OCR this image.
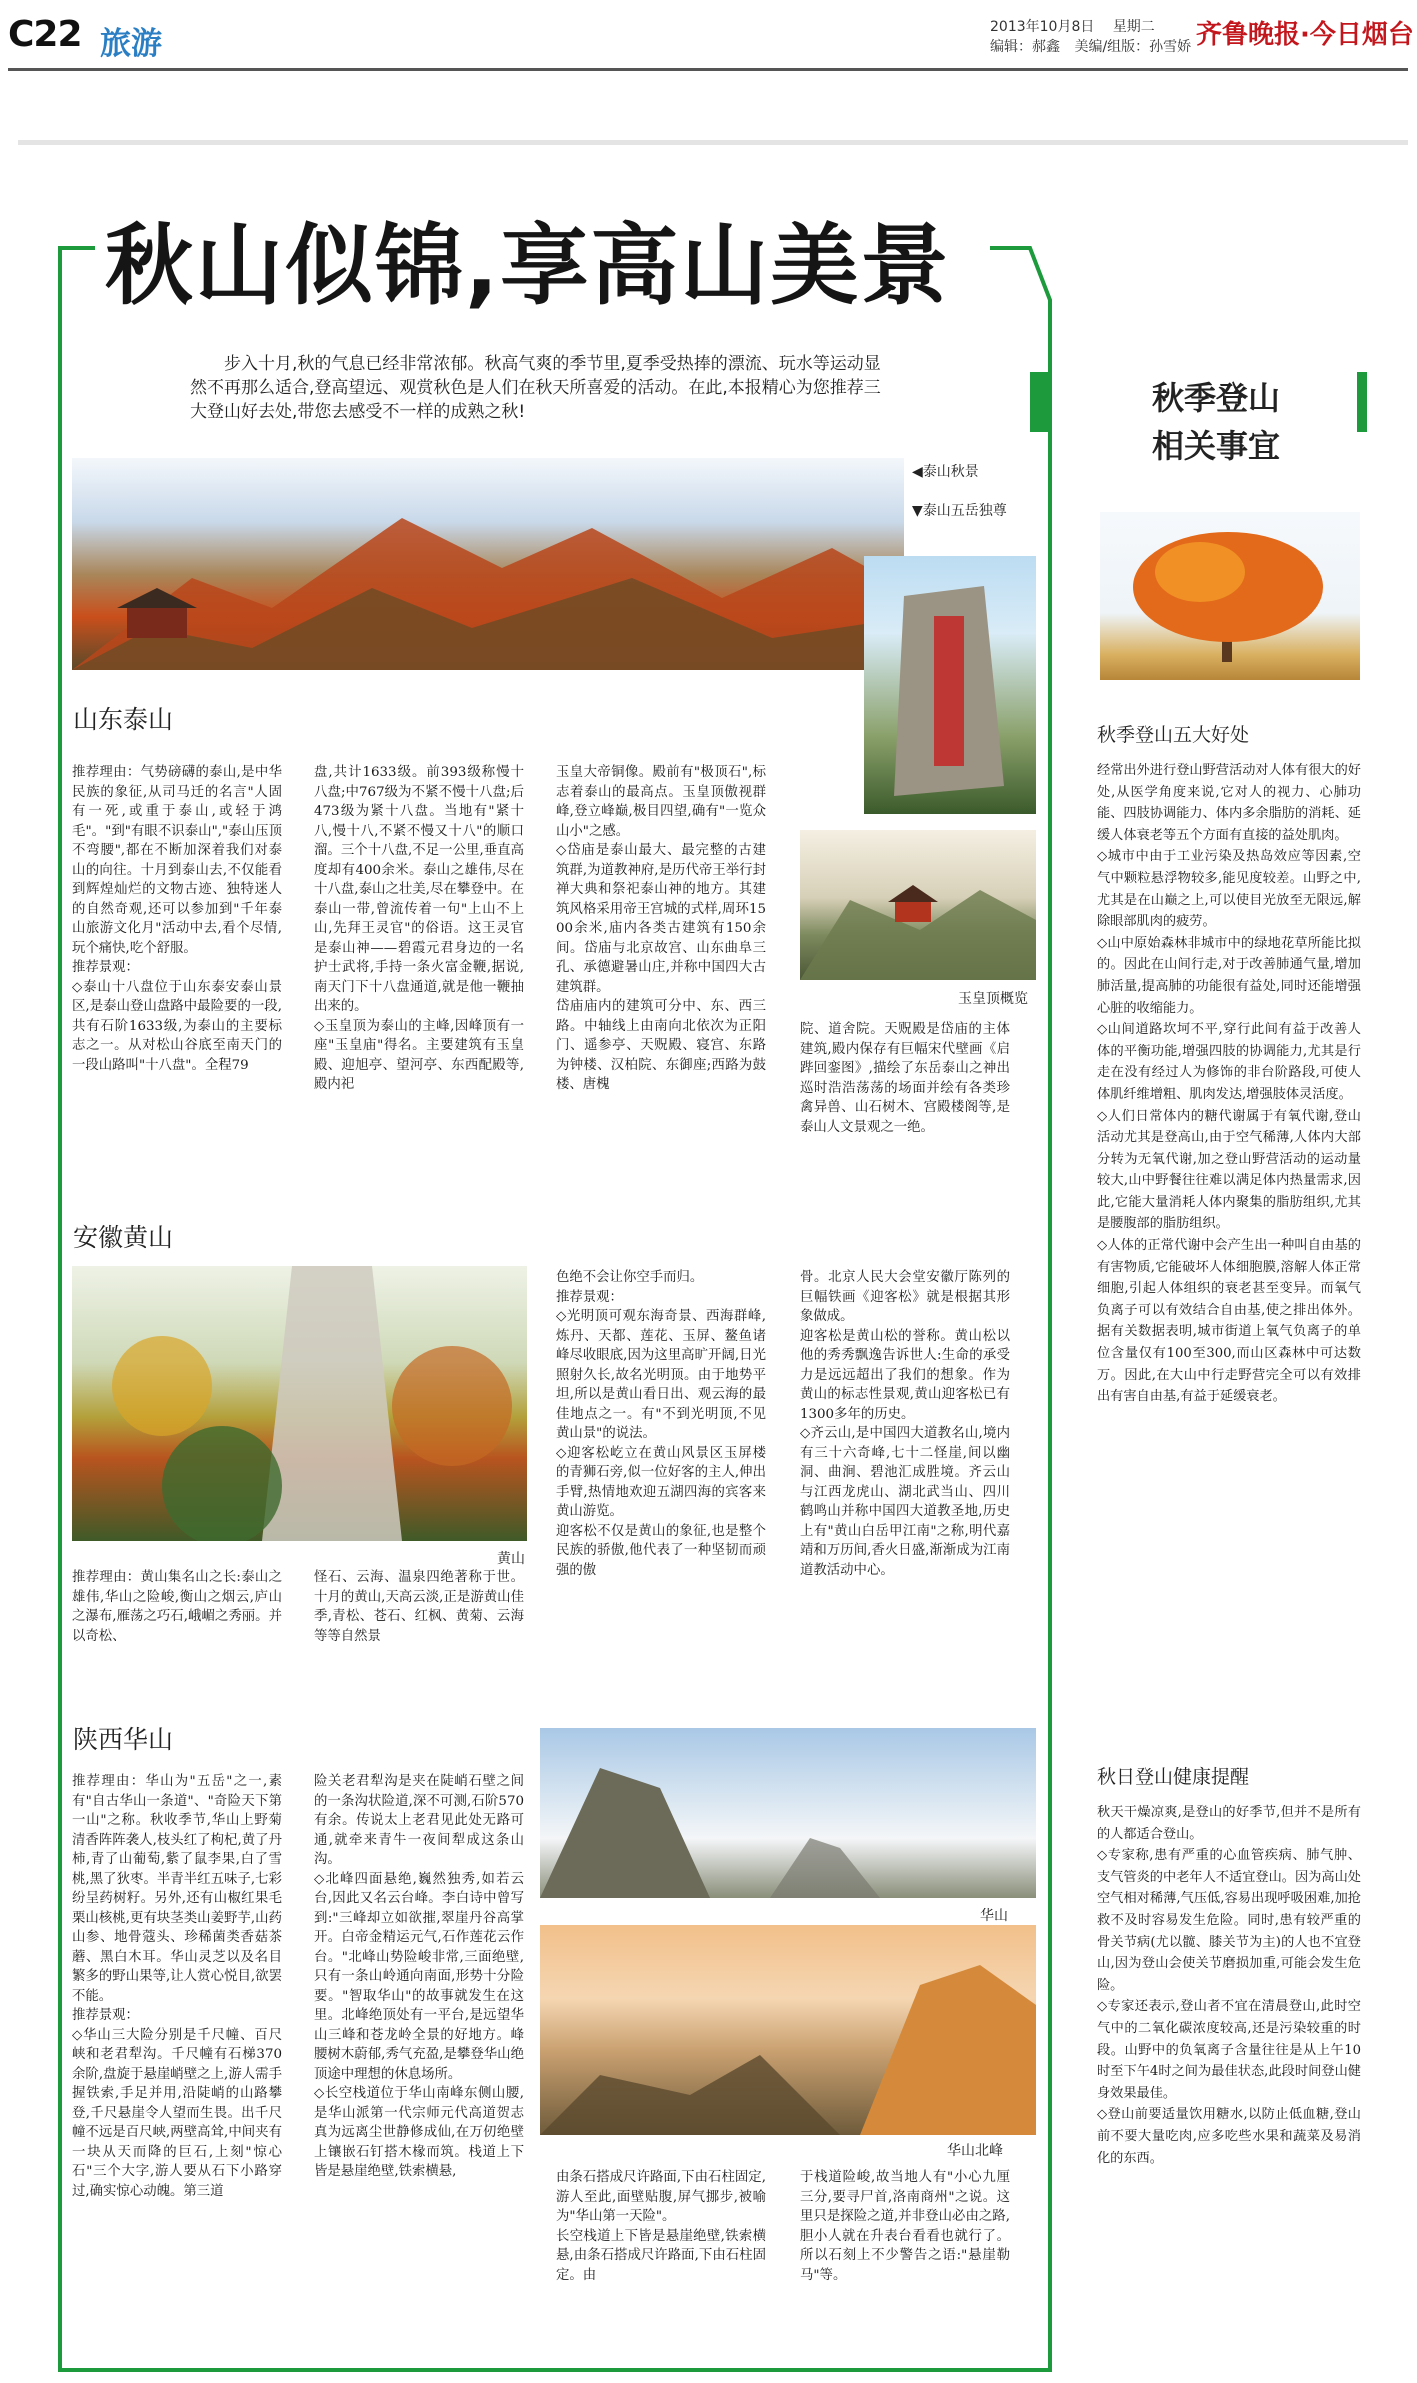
C22 旅游	2013年10月8日 星期二
编辑：郝鑫 美编/组版：孙雪娇 齐鲁晚报·今日烟台
秋山似锦,享高山美景
步入十月,秋的气息已经非常浓郁。秋高气爽的季节里,夏季受热捧的漂流、玩水等运动显然不再那么适合,登高望远、观赏秋色是人们在秋天所喜爱的活动。在此,本报精心为您推荐三大登山好去处,带您去感受不一样的成熟之秋!
◀泰山秋景
▼泰山五岳独尊
玉皇顶概览
山东泰山
推荐理由：气势磅礴的泰山,是中华民族的象征,从司马迁的名言"人固有一死,或重于泰山,或轻于鸿毛"。"到"有眼不识泰山","泰山压顶不弯腰",都在不断加深着我们对泰山的向往。十月到泰山去,不仅能看到辉煌灿烂的文物古迹、独特迷人的自然奇观,还可以参加到"千年泰山旅游文化月"活动中去,看个尽情,玩个痛快,吃个舒服。
推荐景观：
◇泰山十八盘位于山东泰安泰山景区,是泰山登山盘路中最险要的一段,共有石阶1633级,为泰山的主要标志之一。从对松山谷底至南天门的一段山路叫"十八盘"。全程79
盘,共计1633级。前393级称慢十八盘;中767级为不紧不慢十八盘;后473级为紧十八盘。当地有"紧十八,慢十八,不紧不慢又十八"的顺口溜。三个十八盘,不足一公里,垂直高度却有400余米。泰山之雄伟,尽在十八盘,泰山之壮美,尽在攀登中。在泰山一带,曾流传着一句"上山不上山,先拜王灵官"的俗语。这王灵官是泰山神——碧霞元君身边的一名护士武将,手持一条火富金鞭,据说,南天门下十八盘通道,就是他一鞭抽出来的。
◇玉皇顶为泰山的主峰,因峰顶有一座"玉皇庙"得名。主要建筑有玉皇殿、迎旭亭、望河亭、东西配殿等,殿内祀
玉皇大帝铜像。殿前有"极顶石",标志着泰山的最高点。玉皇顶傲视群峰,登立峰巅,极目四望,确有"一览众山小"之感。
◇岱庙是泰山最大、最完整的古建筑群,为道教神府,是历代帝王举行封禅大典和祭祀泰山神的地方。其建筑风格采用帝王宫城的式样,周环1500余米,庙内各类古建筑有150余间。岱庙与北京故宫、山东曲阜三孔、承德避暑山庄,并称中国四大古建筑群。
岱庙庙内的建筑可分中、东、西三路。中轴线上由南向北依次为正阳门、遥参亭、天贶殿、寝宫、东路为钟楼、汉柏院、东御座;西路为鼓楼、唐槐
院、道舍院。天贶殿是岱庙的主体建筑,殿内保存有巨幅宋代壁画《启跸回銮图》,描绘了东岳泰山之神出巡时浩浩荡荡的场面并绘有各类珍禽异兽、山石树木、宫殿楼阁等,是泰山人文景观之一绝。
安徽黄山
黄山
推荐理由：黄山集名山之长:泰山之雄伟,华山之险峻,衡山之烟云,庐山之瀑布,雁荡之巧石,峨嵋之秀丽。并以奇松、
怪石、云海、温泉四绝著称于世。十月的黄山,天高云淡,正是游黄山佳季,青松、苍石、红枫、黄菊、云海等等自然景
色绝不会让你空手而归。
推荐景观：
◇光明顶可观东海奇景、西海群峰,炼丹、天都、莲花、玉屏、鳌鱼诸峰尽收眼底,因为这里高旷开阔,日光照射久长,故名光明顶。由于地势平坦,所以是黄山看日出、观云海的最佳地点之一。有"不到光明顶,不见黄山景"的说法。
◇迎客松屹立在黄山风景区玉屏楼的青狮石旁,似一位好客的主人,伸出手臂,热情地欢迎五湖四海的宾客来黄山游览。
迎客松不仅是黄山的象征,也是整个民族的骄傲,他代表了一种坚韧而顽强的傲
骨。北京人民大会堂安徽厅陈列的巨幅铁画《迎客松》就是根据其形象做成。
迎客松是黄山松的誉称。黄山松以他的秀秀飘逸告诉世人:生命的承受力是远远超出了我们的想象。作为黄山的标志性景观,黄山迎客松已有1300多年的历史。
◇齐云山,是中国四大道教名山,境内有三十六奇峰,七十二怪崖,间以幽洞、曲涧、碧池汇成胜境。齐云山与江西龙虎山、湖北武当山、四川鹤鸣山并称中国四大道教圣地,历史上有"黄山白岳甲江南"之称,明代嘉靖和万历间,香火日盛,渐渐成为江南道教活动中心。
陕西华山
华山
华山北峰
推荐理由：华山为"五岳"之一,素有"自古华山一条道"、"奇险天下第一山"之称。秋收季节,华山上野菊清香阵阵袭人,枝头红了枸杞,黄了丹柿,青了山葡萄,紫了鼠李果,白了雪桃,黑了狄枣。半青半红五味子,七彩纷呈药树籽。另外,还有山椒红果毛栗山核桃,更有块茎类山姜野芋,山药山参、地骨蔻头、珍稀菌类香菇茶蘑、黑白木耳。华山灵芝以及名目繁多的野山果等,让人赏心悦目,欲罢不能。
推荐景观：
◇华山三大险分别是千尺幢、百尺峡和老君犁沟。千尺幢有石梯370余阶,盘旋于悬崖峭壁之上,游人需手握铁索,手足并用,沿陡峭的山路攀登,千尺悬崖令人望而生畏。出千尺幢不远是百尺峡,两壁高耸,中间夹有一块从天而降的巨石,上刻"惊心石"三个大字,游人要从石下小路穿过,确实惊心动魄。第三道
险关老君犁沟是夹在陡峭石壁之间的一条沟状险道,深不可测,石阶570有余。传说太上老君见此处无路可通,就牵来青牛一夜间犁成这条山沟。
◇北峰四面悬绝,巍然独秀,如若云台,因此又名云台峰。李白诗中曾写到:"三峰却立如欲摧,翠崖丹谷高掌开。白帝金精运元气,石作莲花云作台。"北峰山势险峻非常,三面绝壁,只有一条山岭通向南面,形势十分险要。"智取华山"的故事就发生在这里。北峰绝顶处有一平台,是远望华山三峰和苍龙岭全景的好地方。峰腰树木蔚郁,秀气充盈,是攀登华山绝顶途中理想的休息场所。
◇长空栈道位于华山南峰东侧山腰,是华山派第一代宗师元代高道贺志真为远离尘世静修成仙,在万仞绝壁上镶嵌石钉搭木椽而筑。栈道上下皆是悬崖绝壁,铁索横悬,	由条石搭成尺许路面,下由石柱固定,游人至此,面壁贴腹,屏气挪步,被喻为"华山第一天险"。
长空栈道上下皆是悬崖绝壁,铁索横悬,由条石搭成尺许路面,下由石柱固定。由
于栈道险峻,故当地人有"小心九厘三分,要寻尸首,洛南商州"之说。这里只是探险之道,并非登山必由之路,胆小人就在升表台看看也就行了。所以石刻上不少警告之语:"悬崖勒马"等。
秋季登山
相关事宜
秋季登山五大好处
经常出外进行登山野营活动对人体有很大的好处,从医学角度来说,它对人的视力、心肺功能、四肢协调能力、体内多余脂肪的消耗、延缓人体衰老等五个方面有直接的益处肌肉。
◇城市中由于工业污染及热岛效应等因素,空气中颗粒悬浮物较多,能见度较差。山野之中,尤其是在山巅之上,可以使目光放至无限远,解除眼部肌肉的疲劳。
◇山中原始森林非城市中的绿地花草所能比拟的。因此在山间行走,对于改善肺通气量,增加肺活量,提高肺的功能很有益处,同时还能增强心脏的收缩能力。
◇山间道路坎坷不平,穿行此间有益于改善人体的平衡功能,增强四肢的协调能力,尤其是行走在没有经过人为修饰的非台阶路段,可使人体肌纤维增粗、肌肉发达,增强肢体灵活度。
◇人们日常体内的糖代谢属于有氧代谢,登山活动尤其是登高山,由于空气稀薄,人体内大部分转为无氧代谢,加之登山野营活动的运动量较大,山中野餐往往难以满足体内热量需求,因此,它能大量消耗人体内聚集的脂肪组织,尤其是腰腹部的脂肪组织。
◇人体的正常代谢中会产生出一种叫自由基的有害物质,它能破坏人体细胞膜,溶解人体正常细胞,引起人体组织的衰老甚至变异。而氧气负离子可以有效结合自由基,使之排出体外。据有关数据表明,城市街道上氧气负离子的单位含量仅有100至300,而山区森林中可达数万。因此,在大山中行走野营完全可以有效排出有害自由基,有益于延缓衰老。
秋日登山健康提醒
秋天干燥凉爽,是登山的好季节,但并不是所有的人都适合登山。
◇专家称,患有严重的心血管疾病、肺气肿、支气管炎的中老年人不适宜登山。因为高山处空气相对稀薄,气压低,容易出现呼吸困难,加抢救不及时容易发生危险。同时,患有较严重的骨关节病(尤以髋、膝关节为主)的人也不宜登山,因为登山会使关节磨损加重,可能会发生危险。
◇专家还表示,登山者不宜在清晨登山,此时空气中的二氧化碳浓度较高,还是污染较重的时段。山野中的负氧离子含量往往是从上午10时至下午4时之间为最佳状态,此段时间登山健身效果最佳。
◇登山前要适量饮用糖水,以防止低血糖,登山前不要大量吃肉,应多吃些水果和蔬菜及易消化的东西。
